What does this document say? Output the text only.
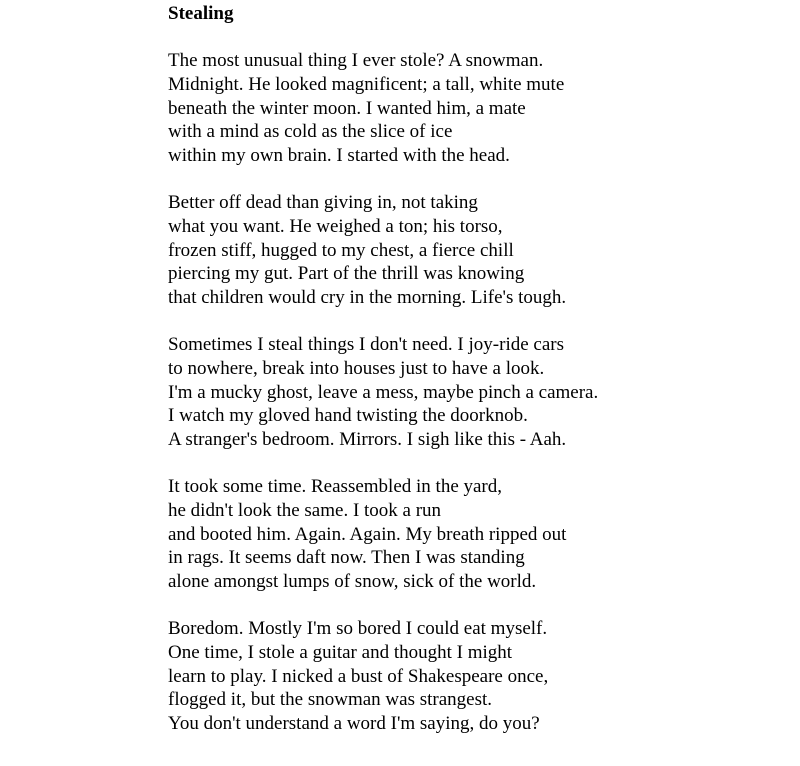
Stealing
The most unusual thing I ever stole? A snowman.
Midnight. He looked magnificent; a tall, white mute
beneath the winter moon. I wanted him, a mate
with a mind as cold as the slice of ice
within my own brain. I started with the head.
Better off dead than giving in, not taking
what you want. He weighed a ton; his torso,
frozen stiff, hugged to my chest, a fierce chill
piercing my gut. Part of the thrill was knowing
that children would cry in the morning. Life's tough.
Sometimes I steal things I don't need. I joy-ride cars
to nowhere, break into houses just to have a look.
I'm a mucky ghost, leave a mess, maybe pinch a camera.
I watch my gloved hand twisting the doorknob.
A stranger's bedroom. Mirrors. I sigh like this - Aah.
It took some time. Reassembled in the yard,
he didn't look the same. I took a run
and booted him. Again. Again. My breath ripped out
in rags. It seems daft now. Then I was standing
alone amongst lumps of snow, sick of the world.
Boredom. Mostly I'm so bored I could eat myself.
One time, I stole a guitar and thought I might
learn to play. I nicked a bust of Shakespeare once,
flogged it, but the snowman was strangest.
You don't understand a word I'm saying, do you?
